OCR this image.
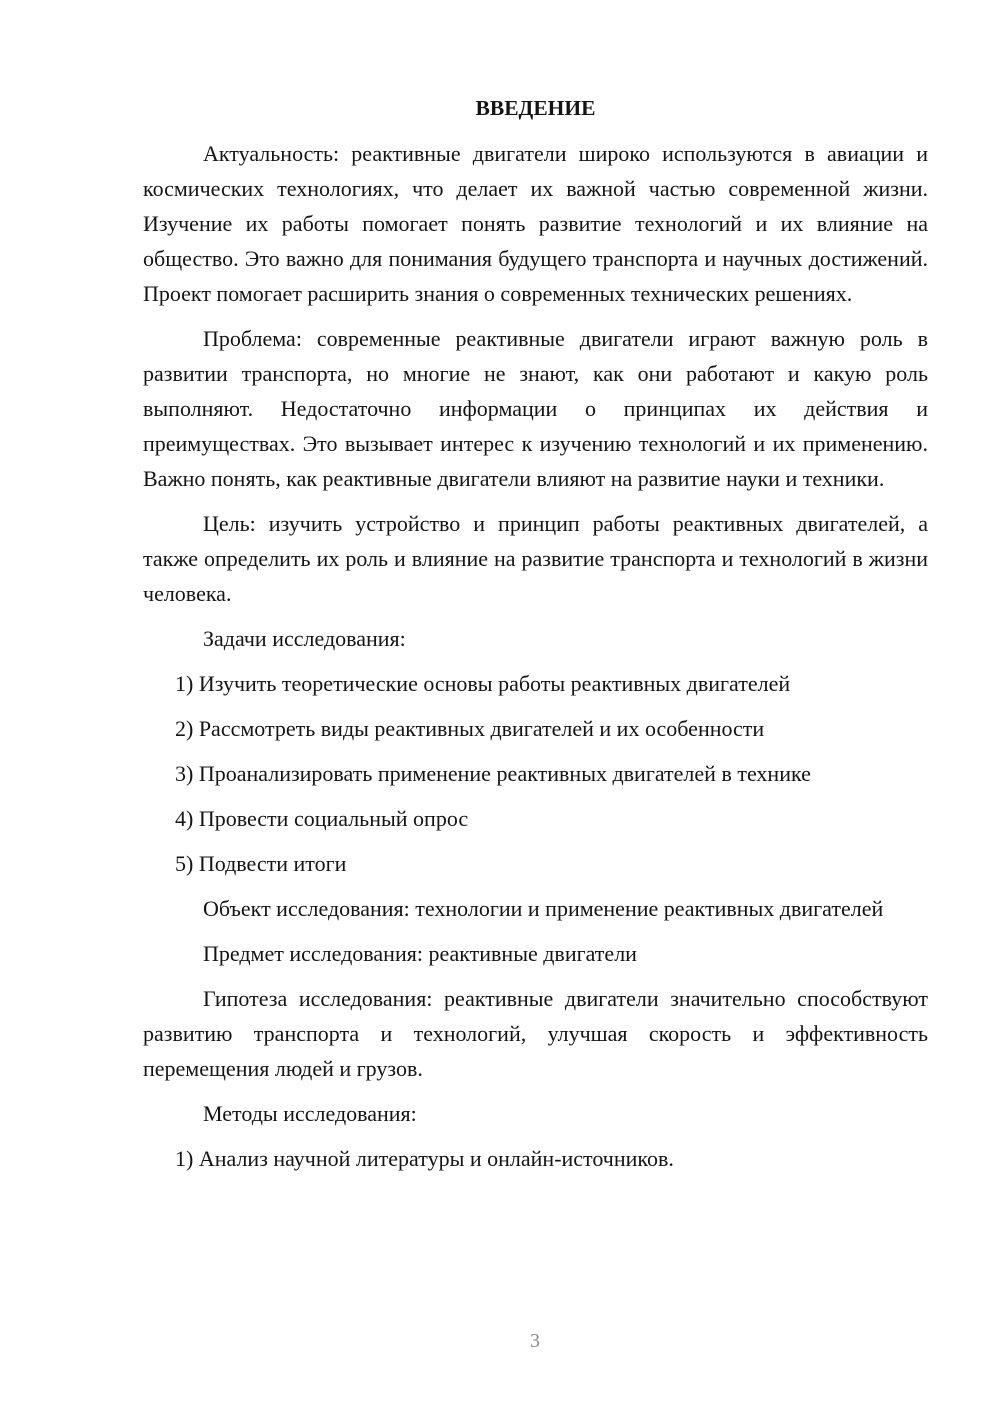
ВВЕДЕНИЕ

Актуальность: реактивные двигатели широко используются в авиации и космических технологиях, что делает их важной частью современной жизни. Изучение их работы помогает понять развитие технологий и их влияние на общество. Это важно для понимания будущего транспорта и научных достижений. Проект помогает расширить знания о современных технических решениях.

Проблема: современные реактивные двигатели играют важную роль в развитии транспорта, но многие не знают, как они работают и какую роль выполняют. Недостаточно информации о принципах их действия и преимуществах. Это вызывает интерес к изучению технологий и их применению. Важно понять, как реактивные двигатели влияют на развитие науки и техники.

Цель: изучить устройство и принцип работы реактивных двигателей, а также определить их роль и влияние на развитие транспорта и технологий в жизни человека.

Задачи исследования:

1) Изучить теоретические основы работы реактивных двигателей

2) Рассмотреть виды реактивных двигателей и их особенности

3) Проанализировать применение реактивных двигателей в технике

4) Провести социальный опрос

5) Подвести итоги

Объект исследования: технологии и применение реактивных двигателей

Предмет исследования: реактивные двигатели

Гипотеза исследования: реактивные двигатели значительно способствуют развитию транспорта и технологий, улучшая скорость и эффективность перемещения людей и грузов.

Методы исследования:

1) Анализ научной литературы и онлайн-источников.

3
